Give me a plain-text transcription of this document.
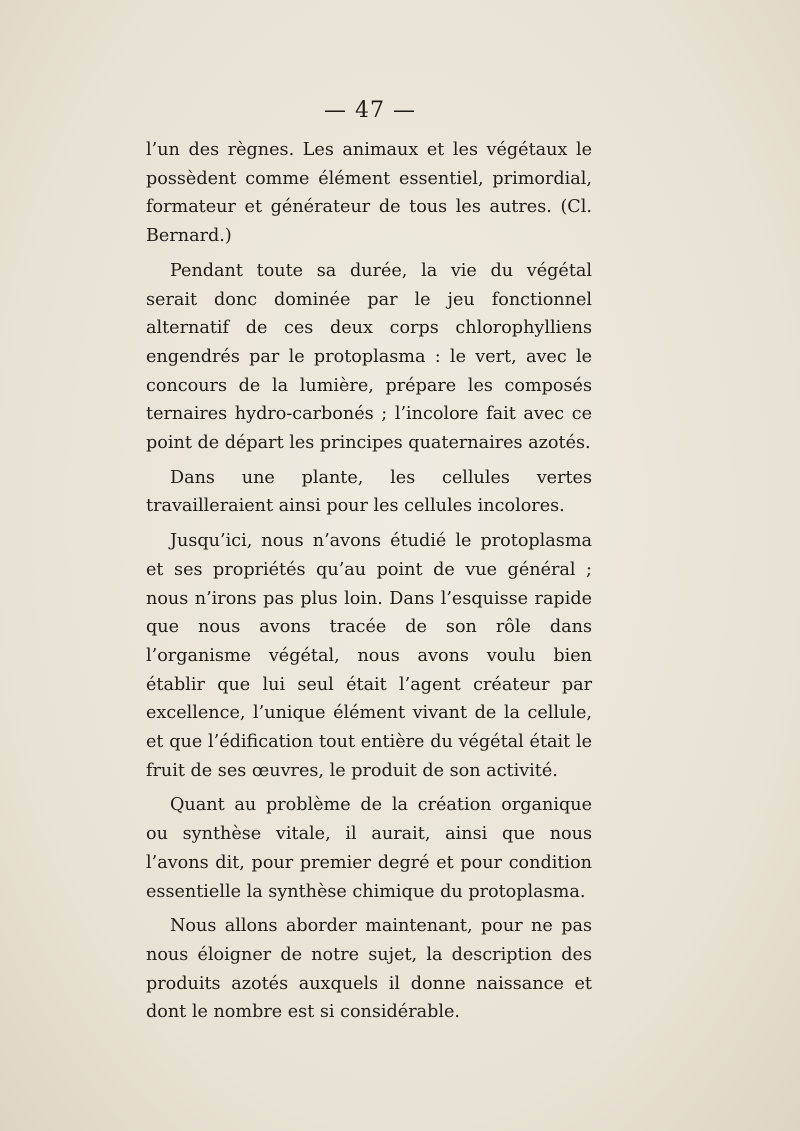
— 47 —

l’un des règnes. Les animaux et les végétaux le possèdent comme élément essentiel, primordial, formateur et générateur de tous les autres. (Cl. Bernard.)

Pendant toute sa durée, la vie du végétal serait donc dominée par le jeu fonctionnel alternatif de ces deux corps chlorophylliens engendrés par le protoplasma : le vert, avec le concours de la lumière, prépare les composés ternaires hydro-carbonés ; l’incolore fait avec ce point de départ les principes quaternaires azotés.

Dans une plante, les cellules vertes travailleraient ainsi pour les cellules incolores.

Jusqu’ici, nous n’avons étudié le protoplasma et ses propriétés qu’au point de vue général ; nous n’irons pas plus loin. Dans l’esquisse rapide que nous avons tracée de son rôle dans l’organisme végétal, nous avons voulu bien établir que lui seul était l’agent créateur par excellence, l’unique élément vivant de la cellule, et que l’édification tout entière du végétal était le fruit de ses œuvres, le produit de son activité.

Quant au problème de la création organique ou synthèse vitale, il aurait, ainsi que nous l’avons dit, pour premier degré et pour condition essentielle la synthèse chimique du protoplasma.

Nous allons aborder maintenant, pour ne pas nous éloigner de notre sujet, la description des produits azotés auxquels il donne naissance et dont le nombre est si considérable.
